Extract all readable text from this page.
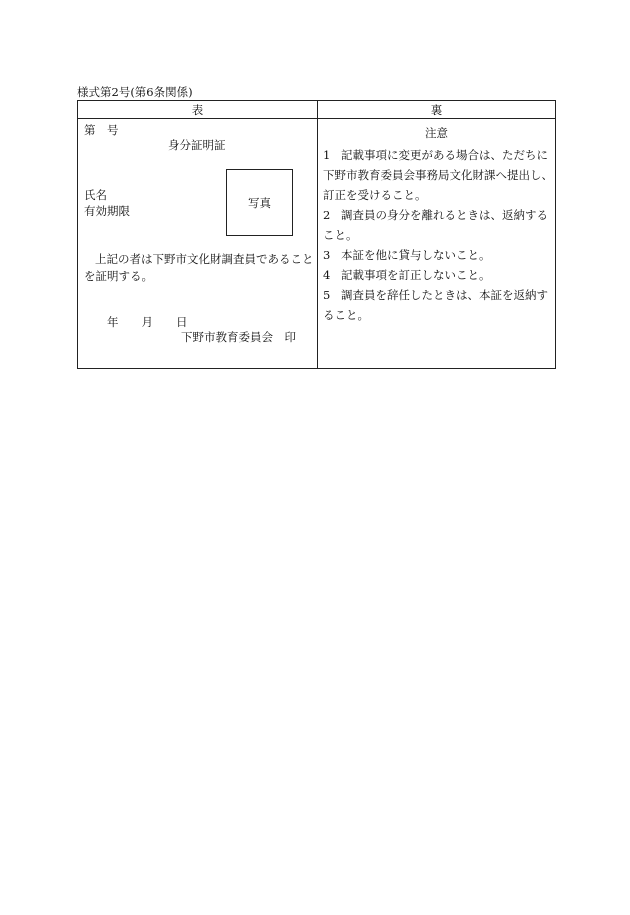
様式第2号(第6条関係)
表	裏
第　号
身分証明証
氏名
有効期限
写真
上記の者は下野市文化財調査員であることを証明する。
年　　月　　日
下野市教育委員会　印
注意
1 記載事項に変更がある場合は、ただちに下野市教育委員会事務局文化財課へ提出し、訂正を受けること。
2 調査員の身分を離れるときは、返納すること。
3 本証を他に貸与しないこと。
4 記載事項を訂正しないこと。
5 調査員を辞任したときは、本証を返納すること。
